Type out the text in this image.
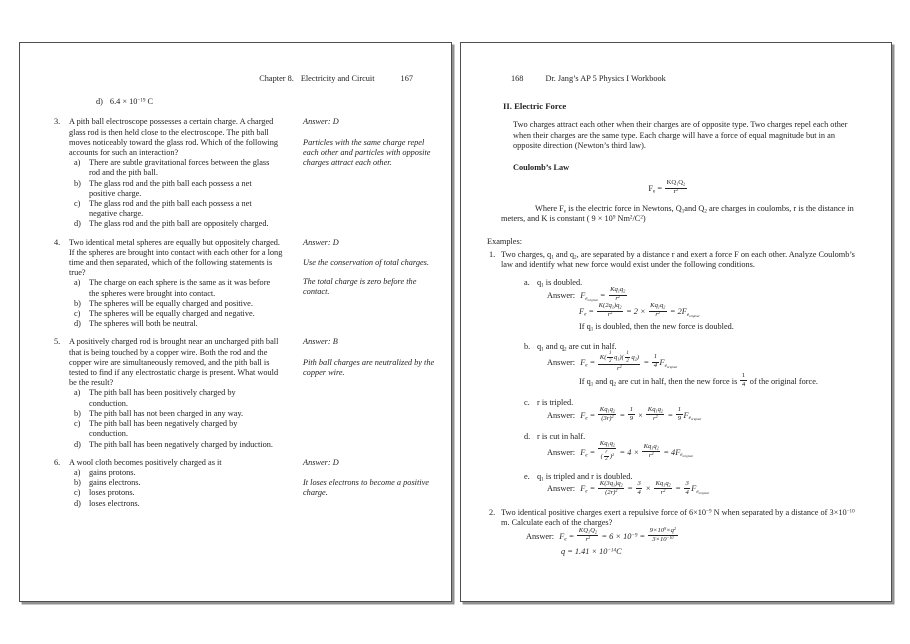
Chapter 8. Electricity and Circuit	167
d) $6.4 \times 10^{-19}$ C
3.	A pith ball electroscope possesses a certain charge. A charged glass rod is then held close to the electroscope. The pith ball moves noticeably toward the glass rod. Which of the following accounts for such an interaction?
a)	There are subtle gravitational forces between the glass rod and the pith ball.
b) The glass rod and the pith ball each possess a net positive charge.
c)	The glass rod and the pith ball each possess a net negative charge.
d) The glass rod and the pith ball are oppositely charged.
Answer: D

Particles with the same charge repel each other and particles with opposite charges attract each other.

4.	Two identical metal spheres are equally but oppositely charged. If the spheres are brought into contact with each other for a long time and then separated, which of the following statements is true?
a)	The charge on each sphere is the same as it was before the spheres were brought into contact.
b) The spheres will be equally charged and positive.
c)	The spheres will be equally charged and negative.
d) The spheres will both be neutral.
Answer: D

Use the conservation of total charges.

The total charge is zero before the contact.

5.	A positively charged rod is brought near an uncharged pith ball that is being touched by a copper wire. Both the rod and the copper wire are simultaneously removed, and the pith ball is tested to find if any electrostatic charge is present. What would be the result?
a)	The pith ball has been positively charged by conduction.
b) The pith ball has not been charged in any way.
c)	The pith ball has been negatively charged by conduction.
d) The pith ball has been negatively charged by induction.
Answer: B

Pith ball charges are neutralized by the copper wire.

6.	A wool cloth becomes positively charged as it
a)	gains protons.
b) gains electrons.
c)	loses protons.
d) loses electrons.
Answer: D

It loses electrons to become a positive charge.

168	Dr. Jang’s AP 5 Physics I Workbook
II. Electric Force
Two charges attract each other when their charges are of opposite type. Two charges repel each other when their charges are the same type. Each charge will have a force of equal magnitude but in an opposite direction (Newton’s third law).
Coulomb’s Law
$F_e = \frac{KQ_1Q_2}{r^2}$
Where $F_e$ is the electric force in Newtons, $Q_1and$ $Q_2$ are charges in coulombs, r is the distance in meters, and K is constant ( $9 \times 10^9$ $Nm^2/C^2$)
Examples:
1. Two charges, $q_1$ and $q_2$, are separated by a distance r and exert a force F on each other. Analyze Coulomb’s law and identify what new force would exist under the following conditions.
a. $q_1$ is doubled.
Answer: $F_{e_{original}} = \frac{Kq_1q_2}{r^2}$
$F_e = \frac{K(2q_1)q_2}{r^2} = 2 \times \frac{Kq_1q_2}{r^2} = 2F_{e_{original}}$
If $q_1$ is doubled, then the new force is doubled.
b. $q_1$ and $q_2$ are cut in half.
Answer: $F_e = \frac{K( \frac{1}{2} q_1)( \frac{1}{2} q_2)}{r^2} = \frac{1}{4} F_{e_{original}}$
If $q_1$ and $q_2$ are cut in half, then the new force is $\frac{1}{4}$ of the original force.
c. r is tripled.
Answer: $F_e = \frac{Kq_1q_2}{(3r)^2} = \frac{1}{9} \times \frac{Kq_1q_2}{r^2} = \frac{1}{9} F_{e_{original}}$
d. r is cut in half.
Answer: $F_e = \frac{Kq_1q_2}{( \frac{r}{2} )^2} = 4 \times \frac{Kq_1q_2}{r^2} = 4F_{e_{original}}$
e. $q_1$ is tripled and r is doubled.
Answer: $F_e = \frac{K(3q_1)q_2}{(2r)^2} = \frac{3}{4} \times \frac{Kq_1q_2}{r^2} = \frac{3}{4} F_{e_{original}}$
2. Two identical positive charges exert a repulsive force of $6\times 10^{-9}$ N when separated by a distance of $3\times 10^{-10}$ m. Calculate each of the charges?
Answer: $F_e = \frac{KQ_1Q_2}{r^2} = 6 \times 10^{-9} = \frac{9\times 10^9\times q^2}{3\times 10^{-10}}$
$q = 1.41 \times 10^{-14}C$
